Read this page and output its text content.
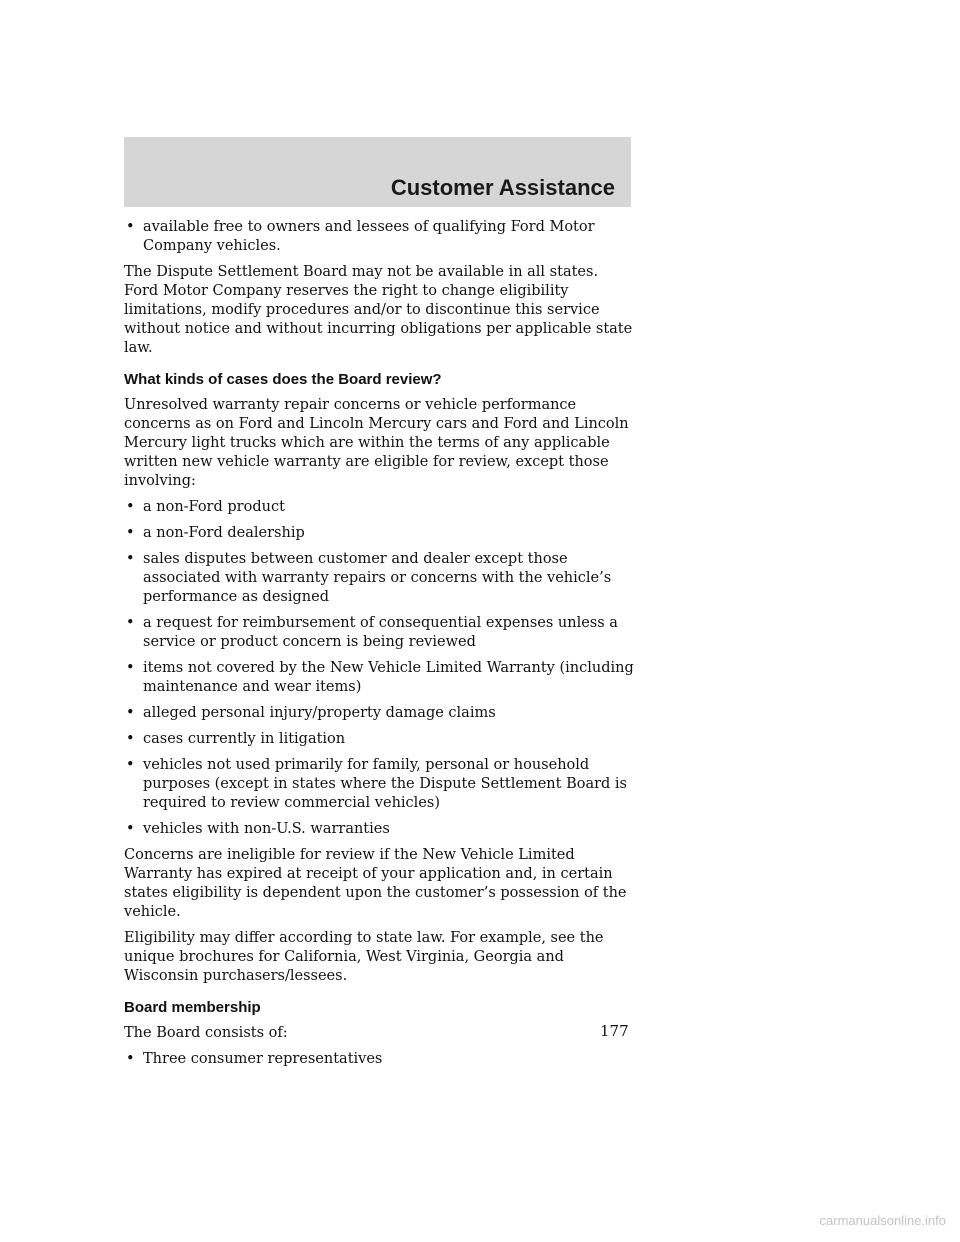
Customer Assistance
• available free to owners and lessees of qualifying Ford Motor Company vehicles.

The Dispute Settlement Board may not be available in all states. Ford Motor Company reserves the right to change eligibility limitations, modify procedures and/or to discontinue this service without notice and without incurring obligations per applicable state law.

What kinds of cases does the Board review?

Unresolved warranty repair concerns or vehicle performance concerns as on Ford and Lincoln Mercury cars and Ford and Lincoln Mercury light trucks which are within the terms of any applicable written new vehicle warranty are eligible for review, except those involving:

• a non-Ford product
• a non-Ford dealership
• sales disputes between customer and dealer except those associated with warranty repairs or concerns with the vehicle’s performance as designed
• a request for reimbursement of consequential expenses unless a service or product concern is being reviewed
• items not covered by the New Vehicle Limited Warranty (including maintenance and wear items)
• alleged personal injury/property damage claims
• cases currently in litigation
• vehicles not used primarily for family, personal or household purposes (except in states where the Dispute Settlement Board is required to review commercial vehicles)
• vehicles with non-U.S. warranties

Concerns are ineligible for review if the New Vehicle Limited Warranty has expired at receipt of your application and, in certain states eligibility is dependent upon the customer’s possession of the vehicle.

Eligibility may differ according to state law. For example, see the unique brochures for California, West Virginia, Georgia and Wisconsin purchasers/lessees.

Board membership

The Board consists of:

• Three consumer representatives
177
carmanualsonline.info
